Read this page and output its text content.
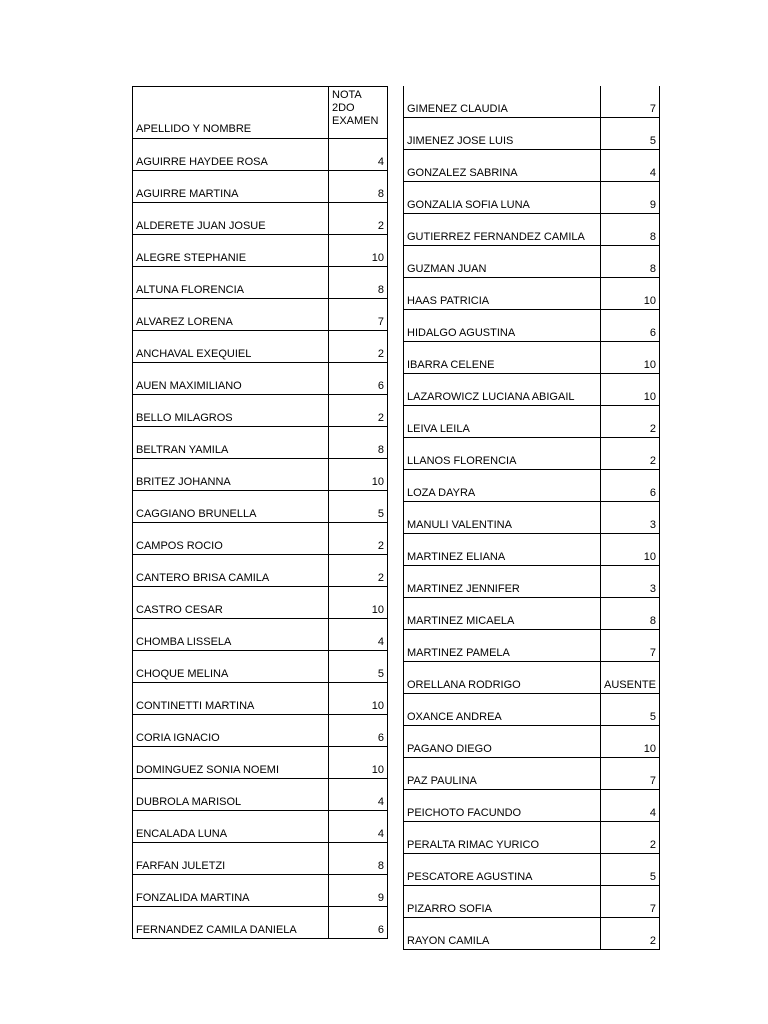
APELLIDO Y NOMBRE	NOTA
2DO
EXAMEN

AGUIRRE HAYDEE ROSA	4
AGUIRRE MARTINA	8
ALDERETE JUAN JOSUE	2
ALEGRE STEPHANIE	10
ALTUNA FLORENCIA	8
ALVAREZ LORENA	7
ANCHAVAL EXEQUIEL	2
AUEN MAXIMILIANO	6
BELLO MILAGROS	2
BELTRAN YAMILA	8
BRITEZ JOHANNA	10
CAGGIANO BRUNELLA	5
CAMPOS ROCIO	2
CANTERO BRISA CAMILA	2
CASTRO CESAR	10
CHOMBA LISSELA	4
CHOQUE MELINA	5
CONTINETTI MARTINA	10
CORIA IGNACIO	6
DOMINGUEZ SONIA NOEMI	10
DUBROLA MARISOL	4
ENCALADA LUNA	4
FARFAN JULETZI	8
FONZALIDA MARTINA	9
FERNANDEZ CAMILA DANIELA	6
GIMENEZ CLAUDIA	7
JIMENEZ JOSE LUIS	5
GONZALEZ SABRINA	4
GONZALIA SOFIA LUNA	9
GUTIERREZ FERNANDEZ CAMILA	8
GUZMAN JUAN	8
HAAS PATRICIA	10
HIDALGO AGUSTINA	6
IBARRA CELENE	10
LAZAROWICZ LUCIANA ABIGAIL	10
LEIVA LEILA	2
LLANOS FLORENCIA	2
LOZA DAYRA	6
MANULI VALENTINA	3
MARTINEZ ELIANA	10
MARTINEZ JENNIFER	3
MARTINEZ MICAELA	8
MARTINEZ PAMELA	7
ORELLANA RODRIGO	AUSENTE
OXANCE ANDREA	5
PAGANO DIEGO	10
PAZ PAULINA	7
PEICHOTO FACUNDO	4
PERALTA RIMAC YURICO	2
PESCATORE AGUSTINA	5
PIZARRO SOFIA	7
RAYON CAMILA	2
